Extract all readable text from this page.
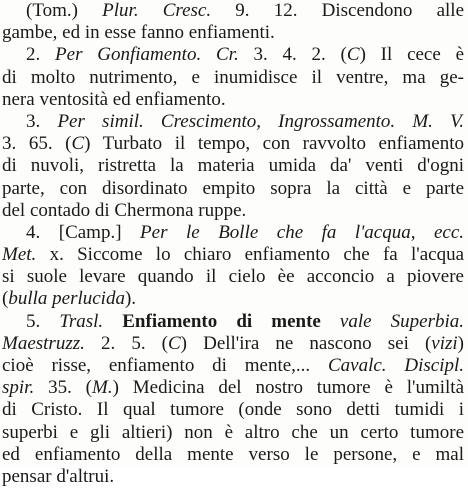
(Tom.) Plur. Cresc. 9. 12. Discendono alle
gambe, ed in esse fanno enfiamenti.
2. Per Gonfiamento. Cr. 3. 4. 2. (C) Il cece è
di molto nutrimento, e inumidisce il ventre, ma ge-
nera ventosità ed enfiamento.
3. Per simil. Crescimento, Ingrossamento. M. V.
3. 65. (C) Turbato il tempo, con ravvolto enfiamento
di nuvoli, ristretta la materia umida da' venti d'ogni
parte, con disordinato empito sopra la città e parte
del contado di Chermona ruppe.
4. [Camp.] Per le Bolle che fa l'acqua, ecc.
Met. x. Siccome lo chiaro enfiamento che fa l'acqua
si suole levare quando il cielo èe acconcio a piovere
(bulla perlucida).
5. Trasl. Enfiamento di mente vale Superbia.
Maestruzz. 2. 5. (C) Dell'ira ne nascono sei (vizi)
cioè risse, enfiamento di mente,... Cavalc. Discipl.
spir. 35. (M.) Medicina del nostro tumore è l'umiltà
di Cristo. Il qual tumore (onde sono detti tumidi i
superbi e gli altieri) non è altro che un certo tumore
ed enfiamento della mente verso le persone, e mal
pensar d'altrui.
